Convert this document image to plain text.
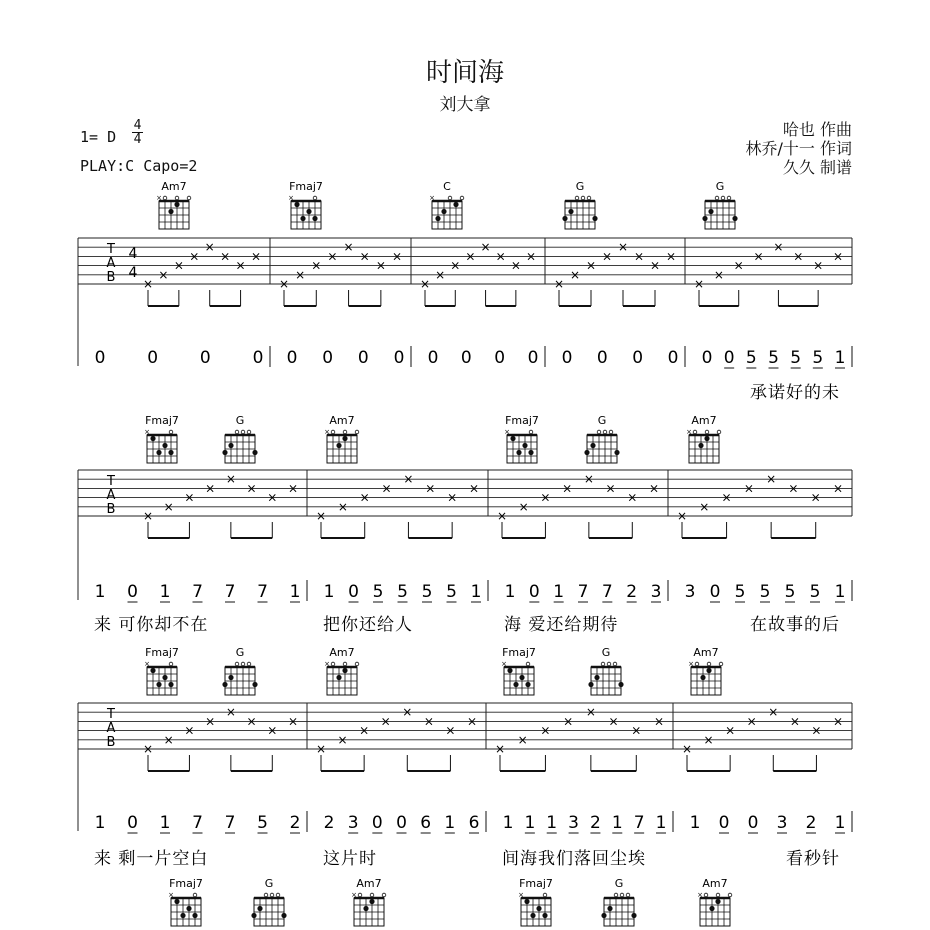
时间海
刘大拿
1= D
4
4
PLAY:C Capo=2
哈也 作曲
林乔/十一 作词
久久 制谱
Am7
×
Fmaj7
×
C
×
G	G
T
A
B
4
4
×
×
×
×
×
×
×
×
×
×
×
×
×
×
×
×
×
×
×
×
×
×
×
×
×
×
×
×
×
×
×
×
×
×
×
×
×
×
×
×
0 0 0 0 0 0 0 0 0 0 0 0 0 0 0 0 0 0 5 5 5 5 1
承诺好的未
Fmaj7
×
G	Am7
×
Fmaj7
×
G	Am7
×
T
A
B ×
×
×
×
×
×
×
×
×
×
×
×
×
×
×
×
×
×
×
×
×
×
×
×
×
×
×
×
×
×
×
×
1 0 1 7 7 7 1
来 可你却不在
1 0 5 5 5 5 1
把你还给人
1 0 1 7 7 2 3
海 爱还给期待
3 0 5 5 5 5 1
在故事的后
Fmaj7
×
G	Am7
×
Fmaj7
×
G	Am7
×
T
A
B ×
×
×
×
×
×
×
×
×
×
×
×
×
×
×
×
×
×
×
×
×
×
×
×
×
×
×
×
×
×
×
×
1 0 1 7 7 5 2
来 剩一片空白
2 3 0 0 6 1 6
这片时
1 1 1 3 2 1 7 1
间海我们落回尘埃
1 0 0 3 2 1
看秒针
Fmaj7
×
G	Am7
×
Fmaj7
×
G	Am7
×
